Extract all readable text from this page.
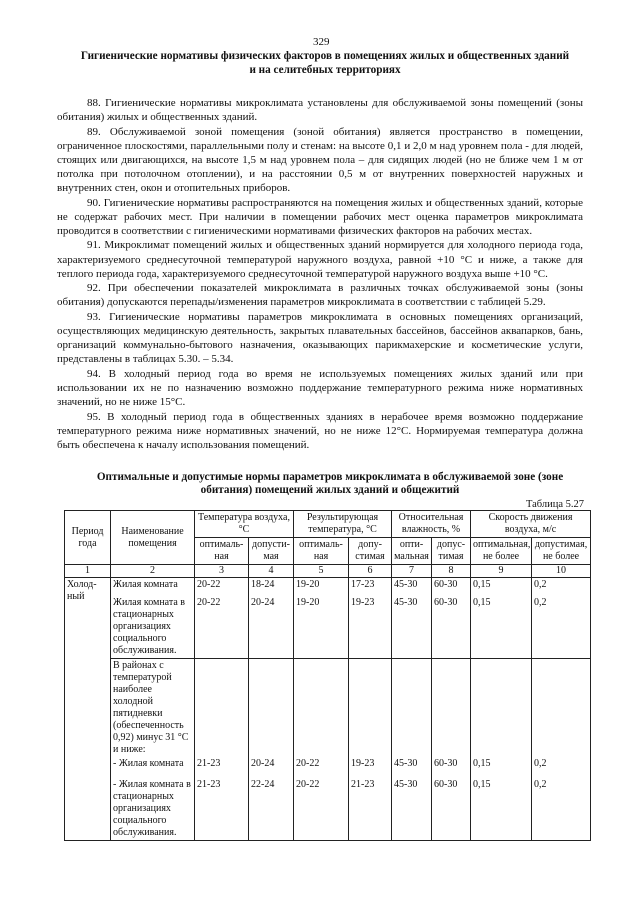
329
Гигиенические нормативы физических факторов в помещениях жилых и общественных зданий
и на селитебных территориях

88. Гигиенические нормативы микроклимата установлены для обслуживаемой зоны помещений (зоны обитания) жилых и общественных зданий.

89. Обслуживаемой зоной помещения (зоной обитания) является пространство в помещении, ограниченное плоскостями, параллельными полу и стенам: на высоте 0,1 и 2,0 м над уровнем пола - для людей, стоящих или двигающихся, на высоте 1,5 м над уровнем пола – для сидящих людей (но не ближе чем 1 м от потолка при потолочном отоплении), и на расстоянии 0,5 м от внутренних поверхностей наружных и внутренних стен, окон и отопительных приборов.

90. Гигиенические нормативы распространяются на помещения жилых и общественных зданий, которые не содержат рабочих мест. При наличии в помещении рабочих мест оценка параметров микроклимата проводится в соответствии с гигиеническими нормативами физических факторов на рабочих местах.

91. Микроклимат помещений жилых и общественных зданий нормируется для холодного периода года, характеризуемого среднесуточной температурой наружного воздуха, равной +10 °С и ниже, а также для теплого периода года, характеризуемого среднесуточной температурой наружного воздуха выше +10 °С.

92. При обеспечении показателей микроклимата в различных точках обслуживаемой зоны (зоны обитания) допускаются перепады/изменения параметров микроклимата в соответствии с таблицей 5.29.

93. Гигиенические нормативы параметров микроклимата в основных помещениях организаций, осуществляющих медицинскую деятельность, закрытых плавательных бассейнов, бассейнов аквапарков, бань, организаций коммунально-бытового назначения, оказывающих парикмахерские и косметические услуги, представлены в таблицах 5.30. – 5.34.

94. В холодный период года во время не используемых помещениях жилых зданий или при использовании их не по назначению возможно поддержание температурного режима ниже нормативных значений, но не ниже 15°С.

95. В холодный период года в общественных зданиях в нерабочее время возможно поддержание температурного режима ниже нормативных значений, но не ниже 12°С. Нормируемая температура должна быть обеспечена к началу использования помещений.

Оптимальные и допустимые нормы параметров микроклимата в обслуживаемой зоне (зоне обитания) помещений жилых зданий и общежитий
Таблица 5.27
Период года	Наименование помещения	Температура воздуха, °С		Результирующая температура, °С		Относительная влажность, %		Скорость движения воздуха, м/с	
		оптималь-ная	допусти-мая	оптималь-ная	допу-стимая	опти-мальная	допус-тимая	оптимальная, не более	допустимая, не более
1	2	3	4	5	6	7	8	9	10
Холод-ный	Жилая комната	20-22	18-24	19-20	17-23	45-30	60-30	0,15	0,2
	Жилая комната в стационарных организациях социального обслуживания.	20-22	20-24	19-20	19-23	45-30	60-30	0,15	0,2
	В районах с температурой наиболее холодной пятидневки (обеспеченность 0,92) минус 31 °С и ниже:								
	- Жилая комната	21-23	20-24	20-22	19-23	45-30	60-30	0,15	0,2
	- Жилая комната в стационарных организациях социального обслуживания.	21-23	22-24	20-22	21-23	45-30	60-30	0,15	0,2
